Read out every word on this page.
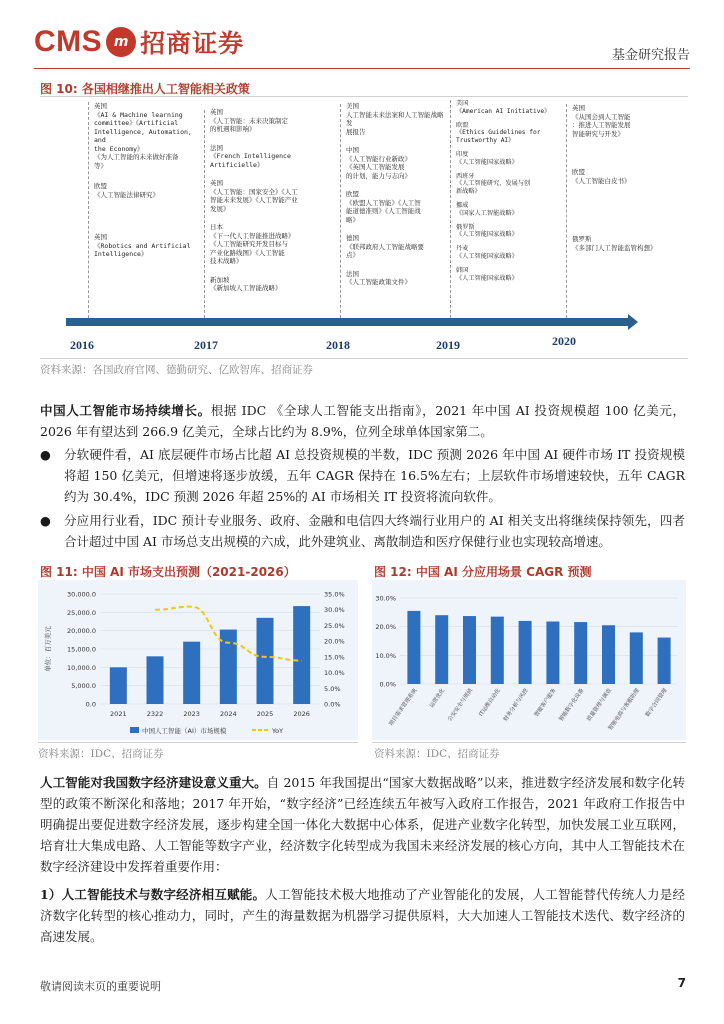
CMS m 招商证券	基金研究报告
图 10: 各国相继推出人工智能相关政策
英国
《AI & Machine learning
committee》《Artificial
Intelligence, Automation, and
the Economy》
《为人工智能的未来做好准备
等》
欧盟
《人工智能法律研究》
英国
《Robotics and Artificial
Intelligence》
英国
《人工智能：未来决策制定
的机遇和影响》
法国
《French Intelligence
Artificielle》
英国
《人工智能：国家安全》《人工
智能未来发展》《人工智能产业
发展》
日本
《下一代人工智能推进战略》
《人工智能研究开发目标与
产业化路线图》《人工智能
技术战略》
新加坡
《新加坡人工智能战略》
美国
人工智能未来法案和人工智能战略发
展报告
中国
《人工智能行业新政》
《英国人工智能发展
的计划，能力与志向》
欧盟
《欧盟人工智能》《人工智
能道德准则》《人工智能战
略》
德国
《联邦政府人工智能战略要
点》
法国
《人工智能政策文件》
美国
《American AI Initiative》
欧盟
《Ethics Guidelines for
Trustworthy AI》
印度
《人工智能国家战略》
西班牙
《人工智能研究、发展与创
新战略》
挪威
《国家人工智能战略》
俄罗斯
《人工智能国家战略》
丹麦
《人工智能国家战略》
韩国
《人工智能国家战略》
英国
《从国会到人工智能
：推进人工智能发展
智能研究与开发》
欧盟
《人工智能白皮书》
俄罗斯
《多部门人工智能监管构想》
2016	2017	2018	2019	2020
资料来源：各国政府官网、德勤研究、亿欧智库、招商证券
中国人工智能市场持续增长。根据 IDC 《全球人工智能支出指南》，2021 年中国 AI 投资规模超 100 亿美元，2026 年有望达到 266.9 亿美元，全球占比约为 8.9%，位列全球单体国家第二。
● 分软硬件看，AI 底层硬件市场占比超 AI 总投资规模的半数，IDC 预测 2026 年中国 AI 硬件市场 IT 投资规模将超 150 亿美元，但增速将逐步放缓，五年 CAGR 保持在 16.5%左右；上层软件市场增速较快，五年 CAGR 约为 30.4%，IDC 预测 2026 年超 25%的 AI 市场相关 IT 投资将流向软件。
● 分应用行业看，IDC 预计专业服务、政府、金融和电信四大终端行业用户的 AI 相关支出将继续保持领先，四者合计超过中国 AI 市场总支出规模的六成，此外建筑业、离散制造和医疗保健行业也实现较高增速。
图 11: 中国 AI 市场支出预测（2021-2026）
0.0
5,000.0
10,000.0
15,000.0
20,000.0
25,000.0
30,000.0
0.0%
5.0%
10.0%
15.0%
20.0%
25.0%
30.0%
35.0%
2021	2322	2023	2024	2025	2026
单位：百万美元
中国人工智能（AI）市场规模	YoY
资料来源：IDC、招商证券
图 12: 中国 AI 分应用场景 CAGR 预测
0.0%
10.0%
20.0%
30.0%
项目需求管理系统 运营优化 公安安全与刑侦 IT运维自动化 财务分析与风控 智能客户服务 智能数字化设备 质量管理与调查
智能电商与客服助理 数字合同管理
资料来源：IDC、招商证券
人工智能对我国数字经济建设意义重大。自 2015 年我国提出“国家大数据战略”以来，推进数字经济发展和数字化转型的政策不断深化和落地；2017 年开始，“数字经济”已经连续五年被写入政府工作报告，2021 年政府工作报告中明确提出要促进数字经济发展，逐步构建全国一体化大数据中心体系，促进产业数字化转型，加快发展工业互联网，培育壮大集成电路、人工智能等数字产业，经济数字化转型成为我国未来经济发展的核心方向，其中人工智能技术在数字经济建设中发挥着重要作用：
1）人工智能技术与数字经济相互赋能。人工智能技术极大地推动了产业智能化的发展，人工智能替代传统人力是经济数字化转型的核心推动力，同时，产生的海量数据为机器学习提供原料，大大加速人工智能技术迭代、数字经济的高速发展。
敬请阅读末页的重要说明	7
